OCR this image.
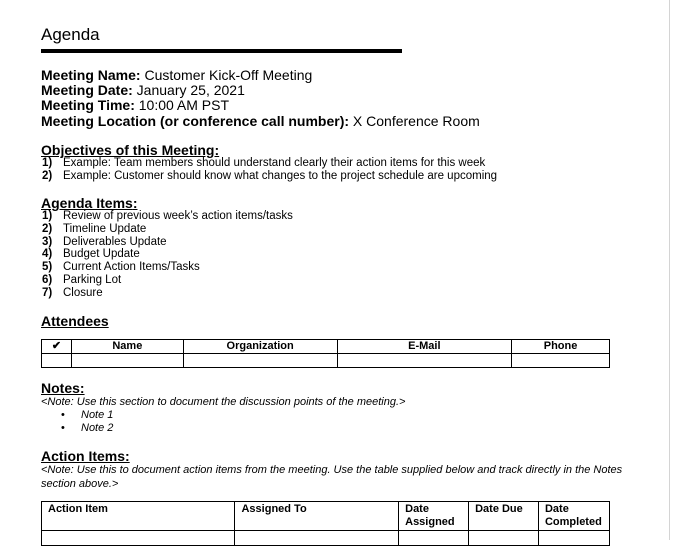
Agenda
Meeting Name: Customer Kick-Off Meeting
Meeting Date: January 25, 2021
Meeting Time: 10:00 AM PST
Meeting Location (or conference call number): X Conference Room
Objectives of this Meeting:
1) Example: Team members should understand clearly their action items for this week
2) Example: Customer should know what changes to the project schedule are upcoming
Agenda Items:
1) Review of previous week’s action items/tasks
2) Timeline Update
3) Deliverables Update
4) Budget Update
5) Current Action Items/Tasks
6) Parking Lot
7) Closure
Attendees
✔	Name	Organization	E-Mail	Phone

Notes:
<Note: Use this section to document the discussion points of the meeting.>
• Note 1
• Note 2
Action Items:
<Note: Use this to document action items from the meeting. Use the table supplied below and track directly in the Notes section above.>
Action Item	Assigned To	Date Assigned	Date Due	Date Completed
